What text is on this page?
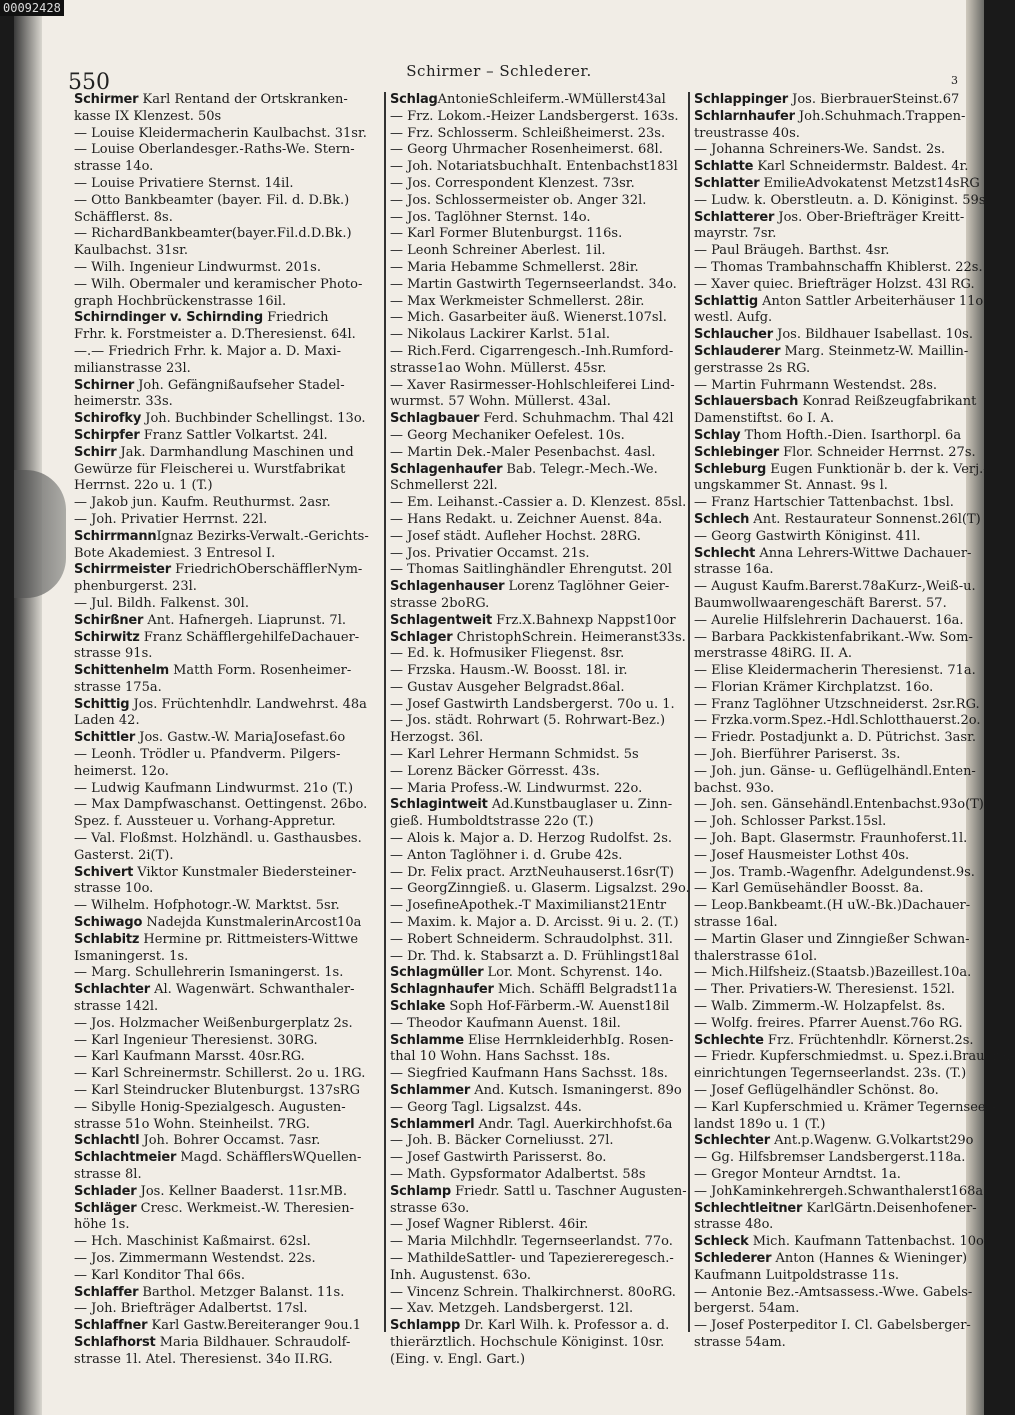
550	Schirmer – Schlederer.
3
Schirmer Karl Rentand der Ortskranken-
kasse IX Klenzest. 50s
— Louise Kleidermacherin Kaulbachst. 31sr.
— Louise Oberlandesger.-Raths-We. Stern-
strasse 14o.
— Louise Privatiere Sternst. 14il.
— Otto Bankbeamter (bayer. Fil. d. D.Bk.)
Schäfflerst. 8s.
— RichardBankbeamter(bayer.Fil.d.D.Bk.)
Kaulbachst. 31sr.
— Wilh. Ingenieur Lindwurmst. 201s.
— Wilh. Obermaler und keramischer Photo-
graph Hochbrückenstrasse 16il.
Schirndinger v. Schirnding Friedrich
Frhr. k. Forstmeister a. D.Theresienst. 64l.
—.— Friedrich Frhr. k. Major a. D. Maxi-
milianstrasse 23l.
Schirner Joh. Gefängnißaufseher Stadel-
heimerstr. 33s.
Schirofky Joh. Buchbinder Schellingst. 13o.
Schirpfer Franz Sattler Volkartst. 24l.
Schirr Jak. Darmhandlung Maschinen und
Gewürze für Fleischerei u. Wurstfabrikat
Herrnst. 22o u. 1 (T.)
— Jakob jun. Kaufm. Reuthurmst. 2asr.
— Joh. Privatier Herrnst. 22l.
SchirrmannIgnaz Bezirks-Verwalt.-Gerichts-
Bote Akademiest. 3 Entresol I.
Schirrmeister FriedrichOberschäfflerNym-
phenburgerst. 23l.
— Jul. Bildh. Falkenst. 30l.
Schirßner Ant. Hafnergeh. Liaprunst. 7l.
Schirwitz Franz SchäfflergehilfeDachauer-
strasse 91s.
Schittenhelm Matth Form. Rosenheimer-
strasse 175a.
Schittig Jos. Früchtenhdlr. Landwehrst. 48a
Laden 42.
Schittler Jos. Gastw.-W. MariaJosefast.6o
— Leonh. Trödler u. Pfandverm. Pilgers-
heimerst. 12o.
— Ludwig Kaufmann Lindwurmst. 21o (T.)
— Max Dampfwaschanst. Oettingenst. 26bo.
Spez. f. Aussteuer u. Vorhang-Appretur.
— Val. Floßmst. Holzhändl. u. Gasthausbes.
Gasterst. 2i(T).
Schivert Viktor Kunstmaler Biedersteiner-
strasse 10o.
— Wilhelm. Hofphotogr.-W. Marktst. 5sr.
Schiwago Nadejda KunstmalerinArcost10a
Schlabitz Hermine pr. Rittmeisters-Wittwe
Ismaningerst. 1s.
— Marg. Schullehrerin Ismaningerst. 1s.
Schlachter Al. Wagenwärt. Schwanthaler-
strasse 142l.
— Jos. Holzmacher Weißenburgerplatz 2s.
— Karl Ingenieur Theresienst. 30RG.
— Karl Kaufmann Marsst. 40sr.RG.
— Karl Schreinermstr. Schillerst. 2o u. 1RG.
— Karl Steindrucker Blutenburgst. 137sRG
— Sibylle Honig-Spezialgesch. Augusten-
strasse 51o Wohn. Steinheilst. 7RG.
Schlachtl Joh. Bohrer Occamst. 7asr.
Schlachtmeier Magd. SchäfflersWQuellen-
strasse 8l.
Schlader Jos. Kellner Baaderst. 11sr.MB.
Schläger Cresc. Werkmeist.-W. Theresien-
höhe 1s.
— Hch. Maschinist Kaßmairst. 62sl.
— Jos. Zimmermann Westendst. 22s.
— Karl Konditor Thal 66s.
Schlaffer Barthol. Metzger Balanst. 11s.
— Joh. Briefträger Adalbertst. 17sl.
Schlaffner Karl Gastw.Bereiteranger 9ou.1
Schlafhorst Maria Bildhauer. Schraudolf-
strasse 1l. Atel. Theresienst. 34o II.RG.
SchlagAntonieSchleiferm.-WMüllerst43al
— Frz. Lokom.-Heizer Landsbergerst. 163s.
— Frz. Schlosserm. Schleißheimerst. 23s.
— Georg Uhrmacher Rosenheimerst. 68l.
— Joh. NotariatsbuchhaIt. Entenbachst183l
— Jos. Correspondent Klenzest. 73sr.
— Jos. Schlossermeister ob. Anger 32l.
— Jos. Taglöhner Sternst. 14o.
— Karl Former Blutenburgst. 116s.
— Leonh Schreiner Aberlest. 1il.
— Maria Hebamme Schmellerst. 28ir.
— Martin Gastwirth Tegernseerlandst. 34o.
— Max Werkmeister Schmellerst. 28ir.
— Mich. Gasarbeiter äuß. Wienerst.107sl.
— Nikolaus Lackirer Karlst. 51al.
— Rich.Ferd. Cigarrengesch.-Inh.Rumford-
strasse1ao Wohn. Müllerst. 45sr.
— Xaver Rasirmesser-Hohlschleiferei Lind-
wurmst. 57 Wohn. Müllerst. 43al.
Schlagbauer Ferd. Schuhmachm. Thal 42l
— Georg Mechaniker Oefelest. 10s.
— Martin Dek.-Maler Pesenbachst. 4asl.
Schlagenhaufer Bab. Telegr.-Mech.-We.
Schmellerst 22l.
— Em. Leihanst.-Cassier a. D. Klenzest. 85sl.
— Hans Redakt. u. Zeichner Auenst. 84a.
— Josef städt. Aufleher Hochst. 28RG.
— Jos. Privatier Occamst. 21s.
— Thomas Saitlinghändler Ehrengutst. 20l
Schlagenhauser Lorenz Taglöhner Geier-
strasse 2boRG.
Schlagentweit Frz.X.Bahnexp Nappst10or
Schlager ChristophSchrein. Heimeranst33s.
— Ed. k. Hofmusiker Fliegenst. 8sr.
— Frzska. Hausm.-W. Boosst. 18l. ir.
— Gustav Ausgeher Belgradst.86al.
— Josef Gastwirth Landsbergerst. 70o u. 1.
— Jos. städt. Rohrwart (5. Rohrwart-Bez.)
Herzogst. 36l.
— Karl Lehrer Hermann Schmidst. 5s
— Lorenz Bäcker Görresst. 43s.
— Maria Profess.-W. Lindwurmst. 22o.
Schlagintweit Ad.Kunstbauglaser u. Zinn-
gieß. Humboldtstrasse 22o (T.)
— Alois k. Major a. D. Herzog Rudolfst. 2s.
— Anton Taglöhner i. d. Grube 42s.
— Dr. Felix pract. ArztNeuhauserst.16sr(T)
— GeorgZinngieß. u. Glaserm. Ligsalzst. 29o.
— JosefineApothek.-T Maximilianst21Entr
— Maxim. k. Major a. D. Arcisst. 9i u. 2. (T.)
— Robert Schneiderm. Schraudolphst. 31l.
— Dr. Thd. k. Stabsarzt a. D. Frühlingst18al
Schlagmüller Lor. Mont. Schyrenst. 14o.
Schlagnhaufer Mich. Schäffl Belgradst11a
Schlake Soph Hof-Färberm.-W. Auenst18il
— Theodor Kaufmann Auenst. 18il.
Schlamme Elise HerrnkleiderhbIg. Rosen-
thal 10 Wohn. Hans Sachsst. 18s.
— Siegfried Kaufmann Hans Sachsst. 18s.
Schlammer And. Kutsch. Ismaningerst. 89o
— Georg Tagl. Ligsalzst. 44s.
Schlammerl Andr. Tagl. Auerkirchhofst.6a
— Joh. B. Bäcker Corneliusst. 27l.
— Josef Gastwirth Parisserst. 8o.
— Math. Gypsformator Adalbertst. 58s
Schlamp Friedr. Sattl u. Taschner Augusten-
strasse 63o.
— Josef Wagner Riblerst. 46ir.
— Maria Milchhdlr. Tegernseerlandst. 77o.
— MathildeSattler- und Tapeziereregesch.-
Inh. Augustenst. 63o.
— Vincenz Schrein. Thalkirchnerst. 80oRG.
— Xav. Metzgeh. Landsbergerst. 12l.
Schlampp Dr. Karl Wilh. k. Professor a. d.
thierärztlich. Hochschule Königinst. 10sr.
(Eing. v. Engl. Gart.)
Schlappinger Jos. BierbrauerSteinst.67
Schlarnhaufer Joh.Schuhmach.Trappen-
treustrasse 40s.
— Johanna Schreiners-We. Sandst. 2s.
Schlatte Karl Schneidermstr. Baldest. 4r.
Schlatter EmilieAdvokatenst Metzst14sRG
— Ludw. k. Oberstleutn. a. D. Königinst. 59s.
Schlatterer Jos. Ober-Briefträger Kreitt-
mayrstr. 7sr.
— Paul Bräugeh. Barthst. 4sr.
— Thomas Trambahnschaffn Khiblerst. 22s.
— Xaver quiec. Briefträger Holzst. 43l RG.
Schlattig Anton Sattler Arbeiterhäuser 11o
westl. Aufg.
Schlaucher Jos. Bildhauer Isabellast. 10s.
Schlauderer Marg. Steinmetz-W. Maillin-
gerstrasse 2s RG.
— Martin Fuhrmann Westendst. 28s.
Schlauersbach Konrad Reißzeugfabrikant
Damenstiftst. 6o I. A.
Schlay Thom Hofth.-Dien. Isarthorpl. 6a
Schlebinger Flor. Schneider Herrnst. 27s.
Schleburg Eugen Funktionär b. der k. Verj.-
ungskammer St. Annast. 9s l.
— Franz Hartschier Tattenbachst. 1bsl.
Schlech Ant. Restaurateur Sonnenst.26l(T)
— Georg Gastwirth Königinst. 41l.
Schlecht Anna Lehrers-Wittwe Dachauer-
strasse 16a.
— August Kaufm.Barerst.78aKurz-,Weiß-u.
Baumwollwaarengeschäft Barerst. 57.
— Aurelie Hilfslehrerin Dachauerst. 16a.
— Barbara Packkistenfabrikant.-Ww. Som-
merstrasse 48iRG. II. A.
— Elise Kleidermacherin Theresienst. 71a.
— Florian Krämer Kirchplatzst. 16o.
— Franz Taglöhner Utzschneiderst. 2sr.RG.
— Frzka.vorm.Spez.-Hdl.Schlotthauerst.2o.
— Friedr. Postadjunkt a. D. Pütrichst. 3asr.
— Joh. Bierführer Pariserst. 3s.
— Joh. jun. Gänse- u. Geflügelhändl.Enten-
bachst. 93o.
— Joh. sen. Gänsehändl.Entenbachst.93o(T)
— Joh. Schlosser Parkst.15sl.
— Joh. Bapt. Glasermstr. Fraunhoferst.1l.
— Josef Hausmeister Lothst 40s.
— Jos. Tramb.-Wagenfhr. Adelgundenst.9s.
— Karl Gemüsehändler Boosst. 8a.
— Leop.Bankbeamt.(H uW.-Bk.)Dachauer-
strasse 16al.
— Martin Glaser und Zinngießer Schwan-
thalerstrasse 61ol.
— Mich.Hilfsheiz.(Staatsb.)Bazeillest.10a.
— Ther. Privatiers-W. Theresienst. 152l.
— Walb. Zimmerm.-W. Holzapfelst. 8s.
— Wolfg. freires. Pfarrer Auenst.76o RG.
Schlechte Frz. Früchtenhdlr. Körnerst.2s.
— Friedr. Kupferschmiedmst. u. Spez.i.Brauerei-
einrichtungen Tegernseerlandst. 23s. (T.)
— Josef Geflügelhändler Schönst. 8o.
— Karl Kupferschmied u. Krämer Tegernseer-
landst 189o u. 1 (T.)
Schlechter Ant.p.Wagenw. G.Volkartst29o
— Gg. Hilfsbremser Landsbergerst.118a.
— Gregor Monteur Arndtst. 1a.
— JohKaminkehrergeh.Schwanthalerst168a
Schlechtleitner KarlGärtn.Deisenhofener-
strasse 48o.
Schleck Mich. Kaufmann Tattenbachst. 10o
Schlederer Anton (Hannes & Wieninger)
Kaufmann Luitpoldstrasse 11s.
— Antonie Bez.-Amtsassess.-Wwe. Gabels-
bergerst. 54am.
— Josef Posterpeditor I. Cl. Gabelsberger-
strasse 54am.
00092428
